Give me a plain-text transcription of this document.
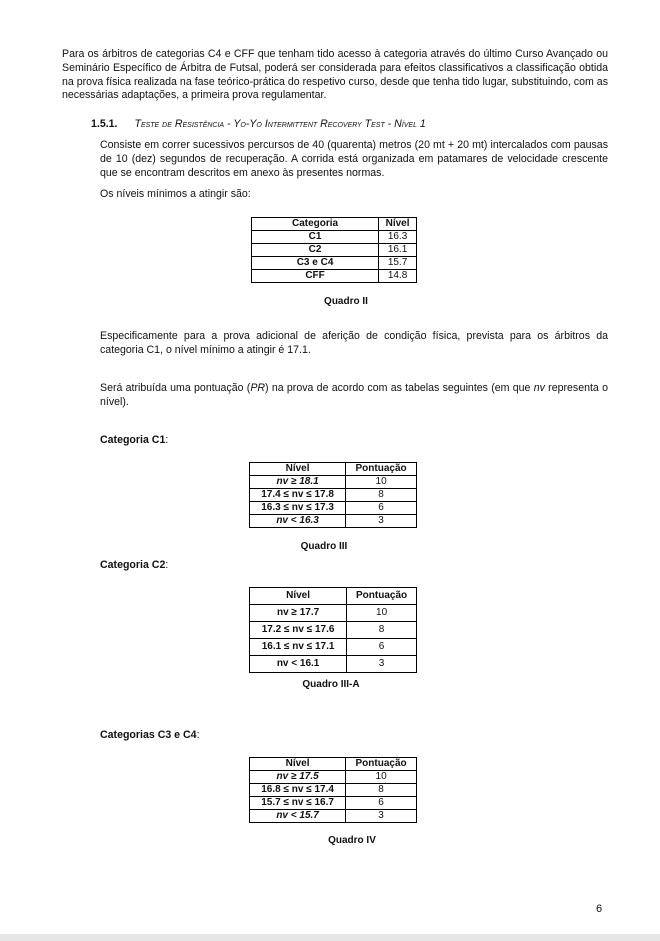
Para os árbitros de categorias C4 e CFF que tenham tido acesso à categoria através do último Curso Avançado ou Seminário Específico de Árbitra de Futsal, poderá ser considerada para efeitos classificativos a classificação obtida na prova física realizada na fase teórico-prática do respetivo curso, desde que tenha tido lugar, substituindo, com as necessárias adaptações, a primeira prova regulamentar.

1.5.1. Teste de Resistência - Yo-Yo Intermittent Recovery Test - Nível 1

Consiste em correr sucessivos percursos de 40 (quarenta) metros (20 mt + 20 mt) intercalados com pausas de 10 (dez) segundos de recuperação. A corrida está organizada em patamares de velocidade crescente que se encontram descritos em anexo às presentes normas.

Os níveis mínimos a atingir são:

Categoria	Nível
C1	16.3
C2	16.1
C3 e C4	15.7
CFF	14.8

Quadro II

Especificamente para a prova adicional de aferição de condição física, prevista para os árbitros da categoria C1, o nível mínimo a atingir é 17.1.

Será atribuída uma pontuação (PR) na prova de acordo com as tabelas seguintes (em que nv representa o nível).

Categoria C1:

Nível	Pontuação
nv ≥ 18.1	10
17.4 ≤ nv ≤ 17.8	8
16.3 ≤ nv ≤ 17.3	6
nv < 16.3	3

Quadro III

Categoria C2:

Nível	Pontuação
nv ≥ 17.7	10
17.2 ≤ nv ≤ 17.6	8
16.1 ≤ nv ≤ 17.1	6
nv < 16.1	3

Quadro III-A

Categorias C3 e C4:

Nível	Pontuação
nv ≥ 17.5	10
16.8 ≤ nv ≤ 17.4	8
15.7 ≤ nv ≤ 16.7	6
nv < 15.7	3

Quadro IV

6
